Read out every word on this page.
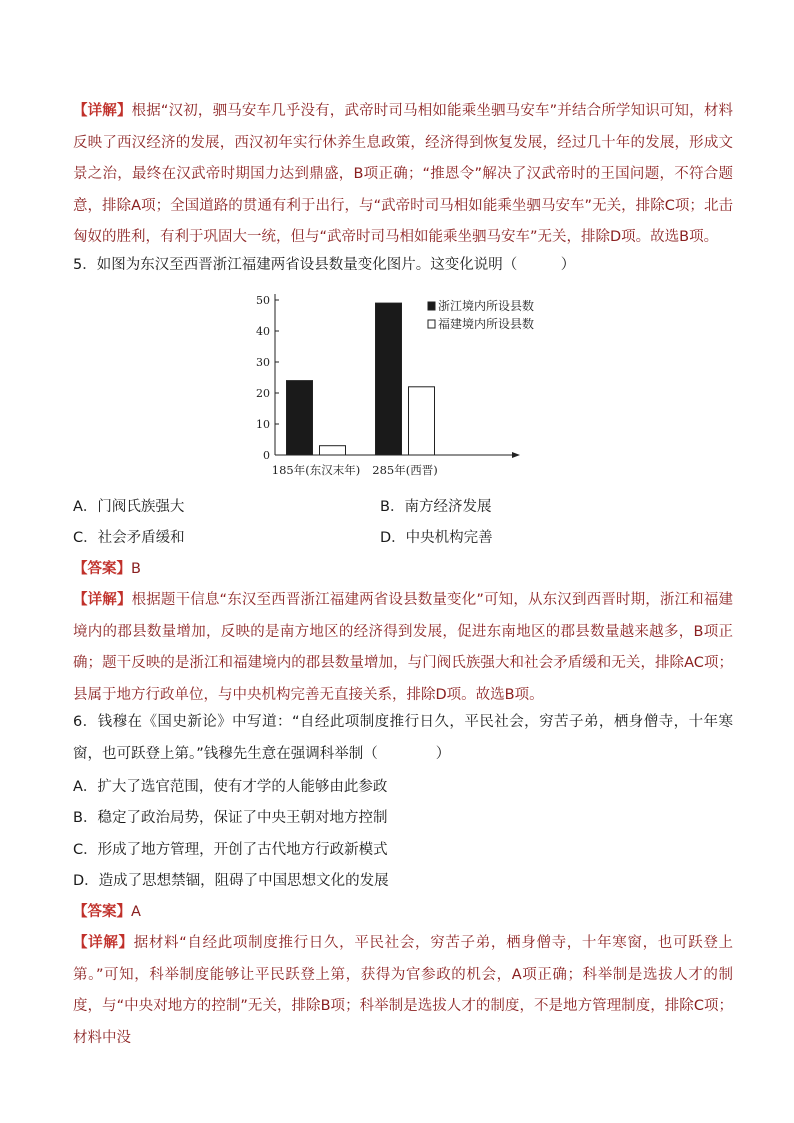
【详解】根据“汉初，驷马安车几乎没有，武帝时司马相如能乘坐驷马安车”并结合所学知识可知，材料反映了西汉经济的发展，西汉初年实行休养生息政策，经济得到恢复发展，经过几十年的发展，形成文景之治，最终在汉武帝时期国力达到鼎盛，B项正确；“推恩令”解决了汉武帝时的王国问题，不符合题意，排除A项；全国道路的贯通有利于出行，与“武帝时司马相如能乘坐驷马安车”无关，排除C项；北击匈奴的胜利，有利于巩固大一统，但与“武帝时司马相如能乘坐驷马安车”无关，排除D项。故选B项。

5．如图为东汉至西晋浙江福建两省设县数量变化图片。这变化说明（　　　）

0
10
20
30
40
50
185年(东汉末年) 285年(西晋)
浙江境内所设县数
福建境内所设县数
A．门阀氏族强大	B．南方经济发展
C．社会矛盾缓和	D．中央机构完善

【答案】B

【详解】根据题干信息“东汉至西晋浙江福建两省设县数量变化”可知，从东汉到西晋时期，浙江和福建境内的郡县数量增加，反映的是南方地区的经济得到发展，促进东南地区的郡县数量越来越多，B项正确；题干反映的是浙江和福建境内的郡县数量增加，与门阀氏族强大和社会矛盾缓和无关，排除AC项；县属于地方行政单位，与中央机构完善无直接关系，排除D项。故选B项。

6．钱穆在《国史新论》中写道：“自经此项制度推行日久，平民社会，穷苦子弟，栖身僧寺，十年寒窗，也可跃登上第。”钱穆先生意在强调科举制（　　　　）

A．扩大了选官范围，使有才学的人能够由此参政
B．稳定了政治局势，保证了中央王朝对地方控制
C．形成了地方管理，开创了古代地方行政新模式
D．造成了思想禁锢，阻碍了中国思想文化的发展

【答案】A

【详解】据材料“自经此项制度推行日久，平民社会，穷苦子弟，栖身僧寺，十年寒窗，也可跃登上第。”可知，科举制度能够让平民跃登上第，获得为官参政的机会，A项正确；科举制是选拔人才的制度，与“中央对地方的控制”无关，排除B项；科举制是选拔人才的制度，不是地方管理制度，排除C项；材料中没
